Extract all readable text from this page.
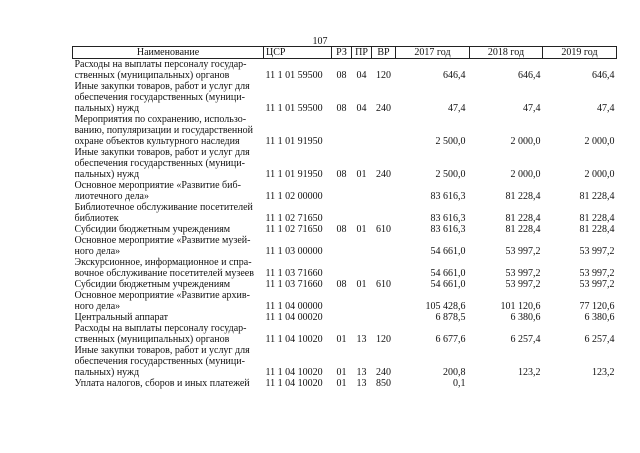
107
Наименование	ЦСР	РЗ	ПР	ВР	2017 год	2018 год	2019 год

Расходы на выплаты персоналу государ-
ственных (муниципальных) органов	11 1 01 59500	08	04	120	646,4	646,4	646,4

Иные закупки товаров, работ и услуг для
обеспечения государственных (муници-
пальных) нужд	11 1 01 59500	08	04	240	47,4	47,4	47,4

Мероприятия по сохранению, использо-
ванию, популяризации и государственной
охране объектов культурного наследия	11 1 01 91950				2 500,0	2 000,0	2 000,0

Иные закупки товаров, работ и услуг для
обеспечения государственных (муници-
пальных) нужд	11 1 01 91950	08	01	240	2 500,0	2 000,0	2 000,0

Основное мероприятие «Развитие биб-
лиотечного дела»	11 1 02 00000				83 616,3	81 228,4	81 228,4

Библиотечное обслуживание посетителей
библиотек	11 1 02 71650				83 616,3	81 228,4	81 228,4

Субсидии бюджетным учреждениям	11 1 02 71650	08	01	610	83 616,3	81 228,4	81 228,4

Основное мероприятие «Развитие музей-
ного дела»	11 1 03 00000				54 661,0	53 997,2	53 997,2

Экскурсионное, информационное и спра-
вочное обслуживание посетителей музеев	11 1 03 71660				54 661,0	53 997,2	53 997,2

Субсидии бюджетным учреждениям	11 1 03 71660	08	01	610	54 661,0	53 997,2	53 997,2

Основное мероприятие «Развитие архив-
ного дела»	11 1 04 00000				105 428,6	101 120,6	77 120,6

Центральный аппарат	11 1 04 00020				6 878,5	6 380,6	6 380,6

Расходы на выплаты персоналу государ-
ственных (муниципальных) органов	11 1 04 10020	01	13	120	6 677,6	6 257,4	6 257,4

Иные закупки товаров, работ и услуг для
обеспечения государственных (муници-
пальных) нужд	11 1 04 10020	01	13	240	200,8	123,2	123,2

Уплата налогов, сборов и иных платежей	11 1 04 10020	01	13	850	0,1		
